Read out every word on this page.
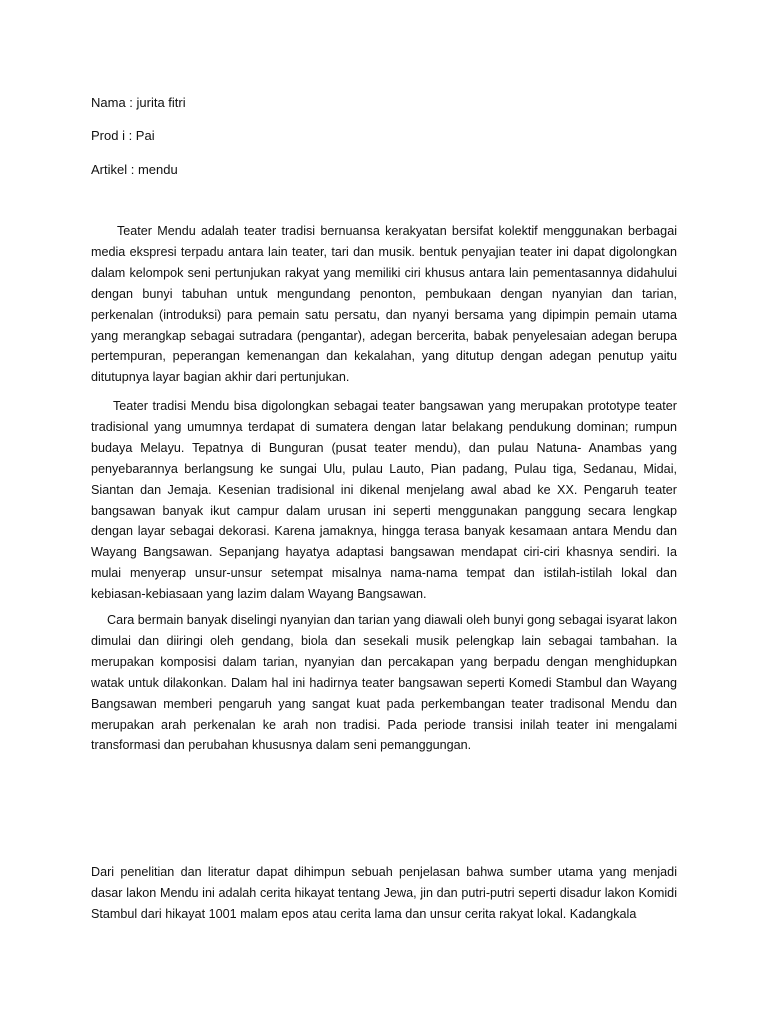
Nama : jurita fitri
Prod i : Pai
Artikel : mendu

Teater Mendu adalah teater tradisi bernuansa kerakyatan bersifat kolektif menggunakan berbagai media ekspresi terpadu antara lain teater, tari dan musik. bentuk penyajian teater ini dapat digolongkan dalam kelompok seni pertunjukan rakyat yang memiliki ciri khusus antara lain pementasannya didahului dengan bunyi tabuhan untuk mengundang penonton, pembukaan dengan nyanyian dan tarian, perkenalan (introduksi) para pemain satu persatu, dan nyanyi bersama yang dipimpin pemain utama yang merangkap sebagai sutradara (pengantar), adegan bercerita, babak penyelesaian adegan berupa pertempuran, peperangan kemenangan dan kekalahan, yang ditutup dengan adegan penutup yaitu ditutupnya layar bagian akhir dari pertunjukan.

Teater tradisi Mendu bisa digolongkan sebagai teater bangsawan yang merupakan prototype teater tradisional yang umumnya terdapat di sumatera dengan latar belakang pendukung dominan; rumpun budaya Melayu. Tepatnya di Bunguran (pusat teater mendu), dan pulau Natuna- Anambas yang penyebarannya berlangsung ke sungai Ulu, pulau Lauto, Pian padang, Pulau tiga, Sedanau, Midai, Siantan dan Jemaja. Kesenian tradisional ini dikenal menjelang awal abad ke XX. Pengaruh teater bangsawan banyak ikut campur dalam urusan ini seperti menggunakan panggung secara lengkap dengan layar sebagai dekorasi. Karena jamaknya, hingga terasa banyak kesamaan antara Mendu dan Wayang Bangsawan. Sepanjang hayatya adaptasi bangsawan mendapat ciri-ciri khasnya sendiri. Ia mulai menyerap unsur-unsur setempat misalnya nama-nama tempat dan istilah-istilah lokal dan kebiasan-kebiasaan yang lazim dalam Wayang Bangsawan.

Cara bermain banyak diselingi nyanyian dan tarian yang diawali oleh bunyi gong sebagai isyarat lakon dimulai dan diiringi oleh gendang, biola dan sesekali musik pelengkap lain sebagai tambahan. Ia merupakan komposisi dalam tarian, nyanyian dan percakapan yang berpadu dengan menghidupkan watak untuk dilakonkan. Dalam hal ini hadirnya teater bangsawan seperti Komedi Stambul dan Wayang Bangsawan memberi pengaruh yang sangat kuat pada perkembangan teater tradisonal Mendu dan merupakan arah perkenalan ke arah non tradisi. Pada periode transisi inilah teater ini mengalami transformasi dan perubahan khususnya dalam seni pemanggungan.

Dari penelitian dan literatur dapat dihimpun sebuah penjelasan bahwa sumber utama yang menjadi dasar lakon Mendu ini adalah cerita hikayat tentang Jewa, jin dan putri-putri seperti disadur lakon Komidi Stambul dari hikayat 1001 malam epos atau cerita lama dan unsur cerita rakyat lokal. Kadangkala
